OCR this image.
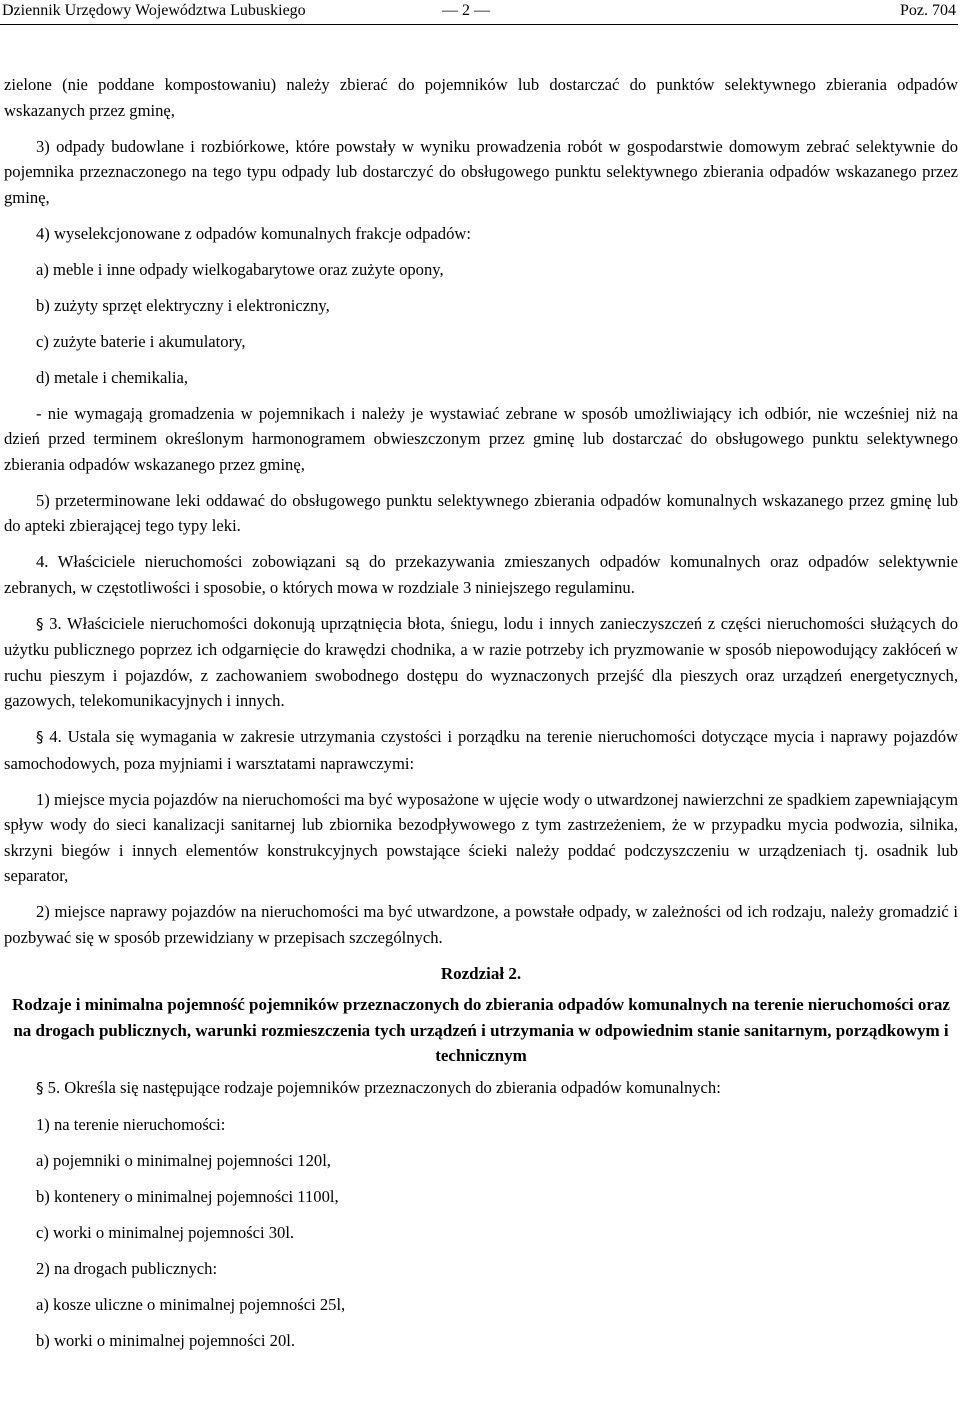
Dziennik Urzędowy Województwa Lubuskiego	— 2 —	Poz. 704

zielone (nie poddane kompostowaniu) należy zbierać do pojemników lub dostarczać do punktów selektywnego zbierania odpadów wskazanych przez gminę,

3) odpady budowlane i rozbiórkowe, które powstały w wyniku prowadzenia robót w gospodarstwie domowym zebrać selektywnie do pojemnika przeznaczonego na tego typu odpady lub dostarczyć do obsługowego punktu selektywnego zbierania odpadów wskazanego przez gminę,

4) wyselekcjonowane z odpadów komunalnych frakcje odpadów:

a) meble i inne odpady wielkogabarytowe oraz zużyte opony,

b) zużyty sprzęt elektryczny i elektroniczny,

c) zużyte baterie i akumulatory,

d) metale i chemikalia,

- nie wymagają gromadzenia w pojemnikach i należy je wystawiać zebrane w sposób umożliwiający ich odbiór, nie wcześniej niż na dzień przed terminem określonym harmonogramem obwieszczonym przez gminę lub dostarczać do obsługowego punktu selektywnego zbierania odpadów wskazanego przez gminę,

5) przeterminowane leki oddawać do obsługowego punktu selektywnego zbierania odpadów komunalnych wskazanego przez gminę lub do apteki zbierającej tego typy leki.

4. Właściciele nieruchomości zobowiązani są do przekazywania zmieszanych odpadów komunalnych oraz odpadów selektywnie zebranych, w częstotliwości i sposobie, o których mowa w rozdziale 3 niniejszego regulaminu.

§ 3. Właściciele nieruchomości dokonują uprzątnięcia błota, śniegu, lodu i innych zanieczyszczeń z części nieruchomości służących do użytku publicznego poprzez ich odgarnięcie do krawędzi chodnika, a w razie potrzeby ich pryzmowanie w sposób niepowodujący zakłóceń w ruchu pieszym i pojazdów, z zachowaniem swobodnego dostępu do wyznaczonych przejść dla pieszych oraz urządzeń energetycznych, gazowych, telekomunikacyjnych i innych.

§ 4. Ustala się wymagania w zakresie utrzymania czystości i porządku na terenie nieruchomości dotyczące mycia i naprawy pojazdów samochodowych, poza myjniami i warsztatami naprawczymi:

1) miejsce mycia pojazdów na nieruchomości ma być wyposażone w ujęcie wody o utwardzonej nawierzchni ze spadkiem zapewniającym spływ wody do sieci kanalizacji sanitarnej lub zbiornika bezodpływowego z tym zastrzeżeniem, że w przypadku mycia podwozia, silnika, skrzyni biegów i innych elementów konstrukcyjnych powstające ścieki należy poddać podczyszczeniu w urządzeniach tj. osadnik lub separator,

2) miejsce naprawy pojazdów na nieruchomości ma być utwardzone, a powstałe odpady, w zależności od ich rodzaju, należy gromadzić i pozbywać się w sposób przewidziany w przepisach szczególnych.

Rozdział 2.

Rodzaje i minimalna pojemność pojemników przeznaczonych do zbierania odpadów komunalnych na terenie nieruchomości oraz na drogach publicznych, warunki rozmieszczenia tych urządzeń i utrzymania w odpowiednim stanie sanitarnym, porządkowym i technicznym

§ 5. Określa się następujące rodzaje pojemników przeznaczonych do zbierania odpadów komunalnych:

1) na terenie nieruchomości:

a) pojemniki o minimalnej pojemności 120l,

b) kontenery o minimalnej pojemności 1100l,

c) worki o minimalnej pojemności 30l.

2) na drogach publicznych:

a) kosze uliczne o minimalnej pojemności 25l,

b) worki o minimalnej pojemności 20l.
